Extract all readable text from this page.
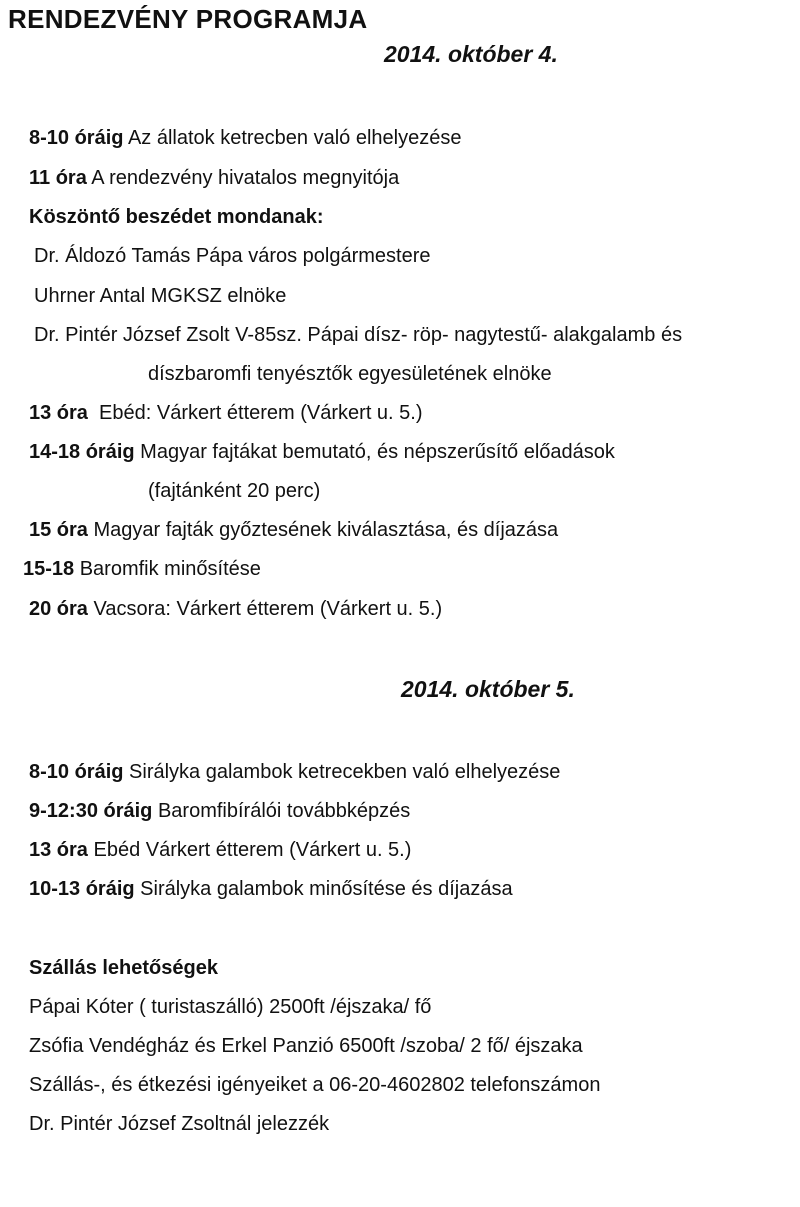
RENDEZVÉNY PROGRAMJA
2014. október 4.
8-10 óráig Az állatok ketrecben való elhelyezése
11 óra A rendezvény hivatalos megnyitója
Köszöntő beszédet mondanak:
Dr. Áldozó Tamás Pápa város polgármestere
Uhrner Antal MGKSZ elnöke
Dr. Pintér József Zsolt V-85sz. Pápai dísz- röp- nagytestű- alakgalamb és
díszbaromfi tenyésztők egyesületének elnöke
13 óra  Ebéd: Várkert étterem (Várkert u. 5.)
14-18 óráig Magyar fajtákat bemutató, és népszerűsítő előadások
(fajtánként 20 perc)
15 óra Magyar fajták győztesének kiválasztása, és díjazása
15-18 Baromfik minősítése
20 óra Vacsora: Várkert étterem (Várkert u. 5.)
2014. október 5.
8-10 óráig Sirályka galambok ketrecekben való elhelyezése
9-12:30 óráig Baromfibírálói továbbképzés
13 óra Ebéd Várkert étterem (Várkert u. 5.)
10-13 óráig Sirályka galambok minősítése és díjazása
Szállás lehetőségek
Pápai Kóter ( turistaszálló) 2500ft /éjszaka/ fő
Zsófia Vendégház és Erkel Panzió 6500ft /szoba/ 2 fő/ éjszaka
Szállás-, és étkezési igényeiket a 06-20-4602802 telefonszámon
Dr. Pintér József Zsoltnál jelezzék
